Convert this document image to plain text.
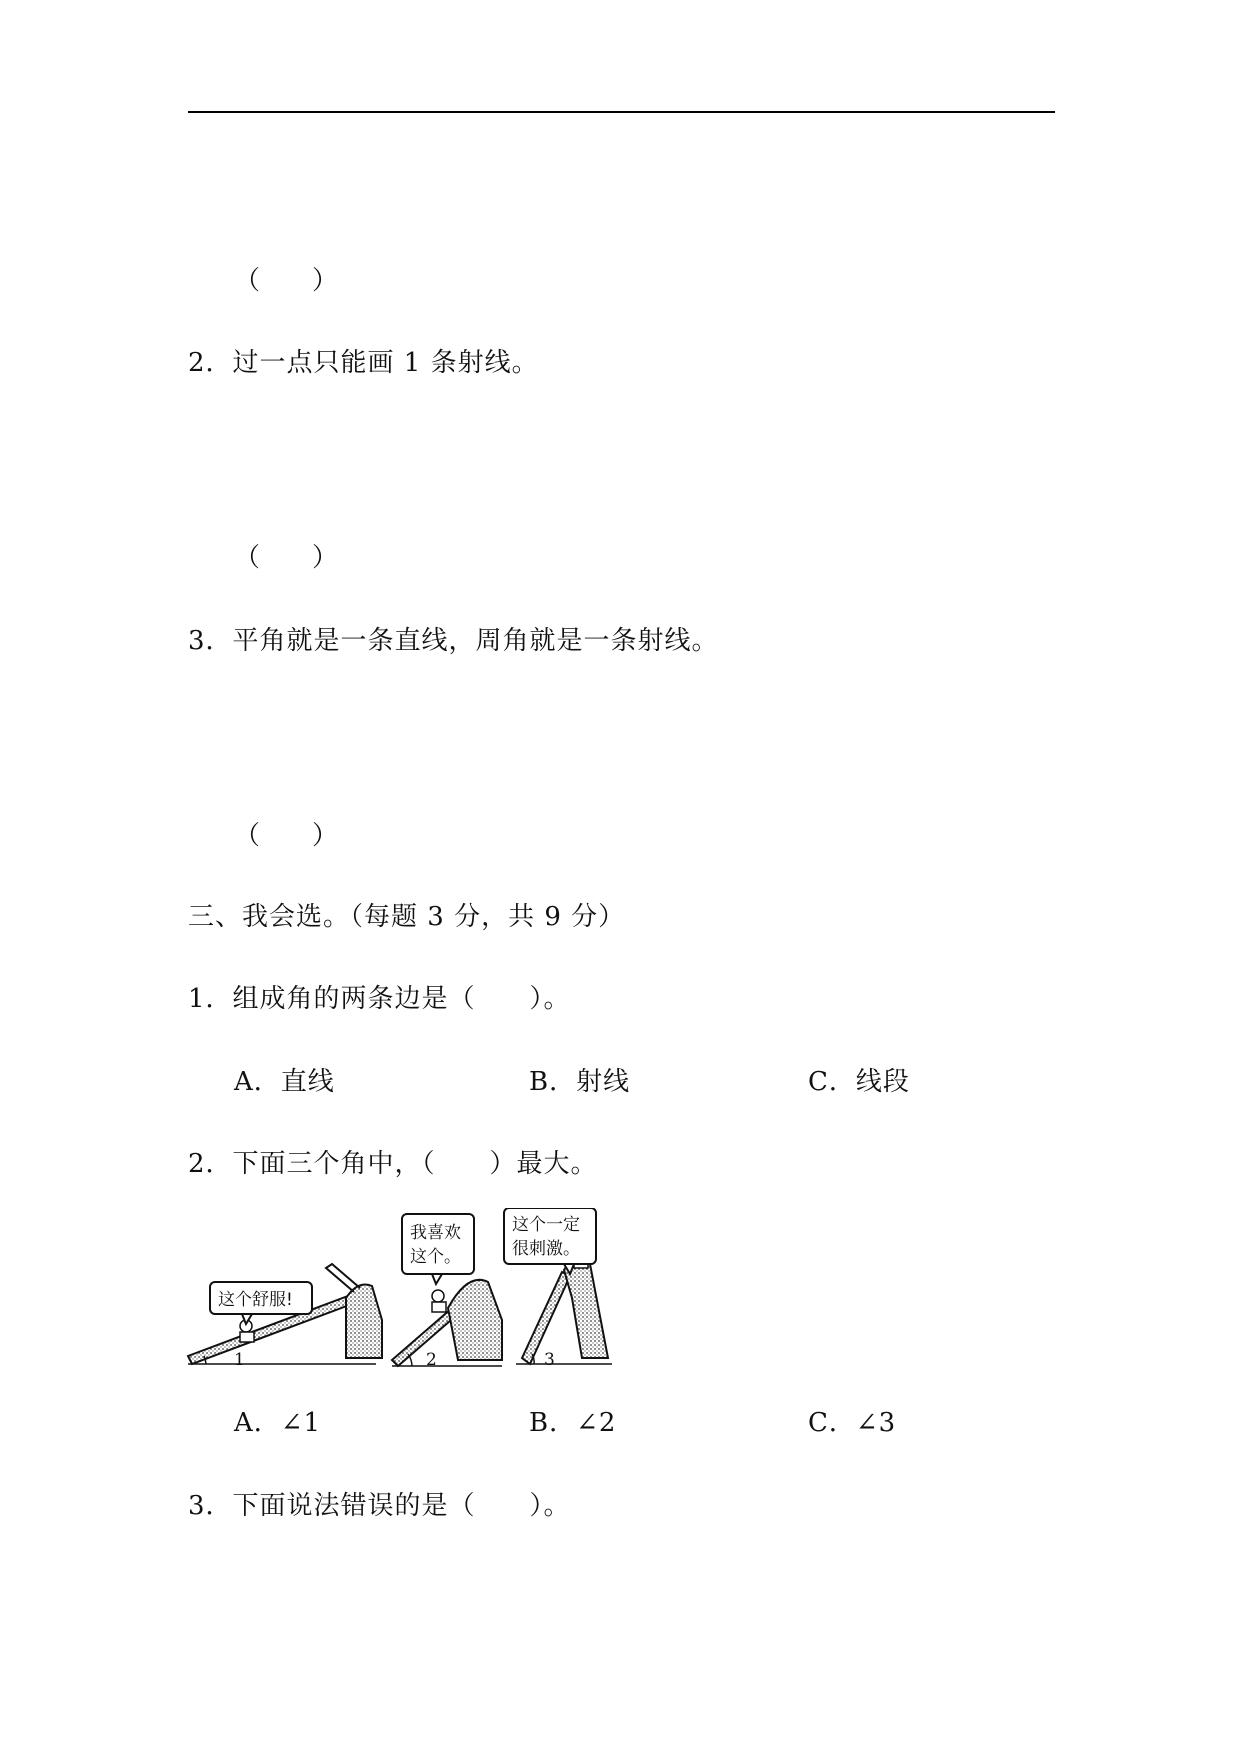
（　　）
2．过一点只能画 1 条射线。
（　　）
3．平角就是一条直线，周角就是一条射线。
（　　）
三、我会选。（每题 3 分，共 9 分）
1．组成角的两条边是（　　）。
A．直线	B．射线	C．线段
2．下面三个角中，（　　）最大。
这个舒服!
1
我喜欢
这个。
2
这个一定
很刺激。
3
A．∠1	B．∠2	C．∠3
3．下面说法错误的是（　　）。
